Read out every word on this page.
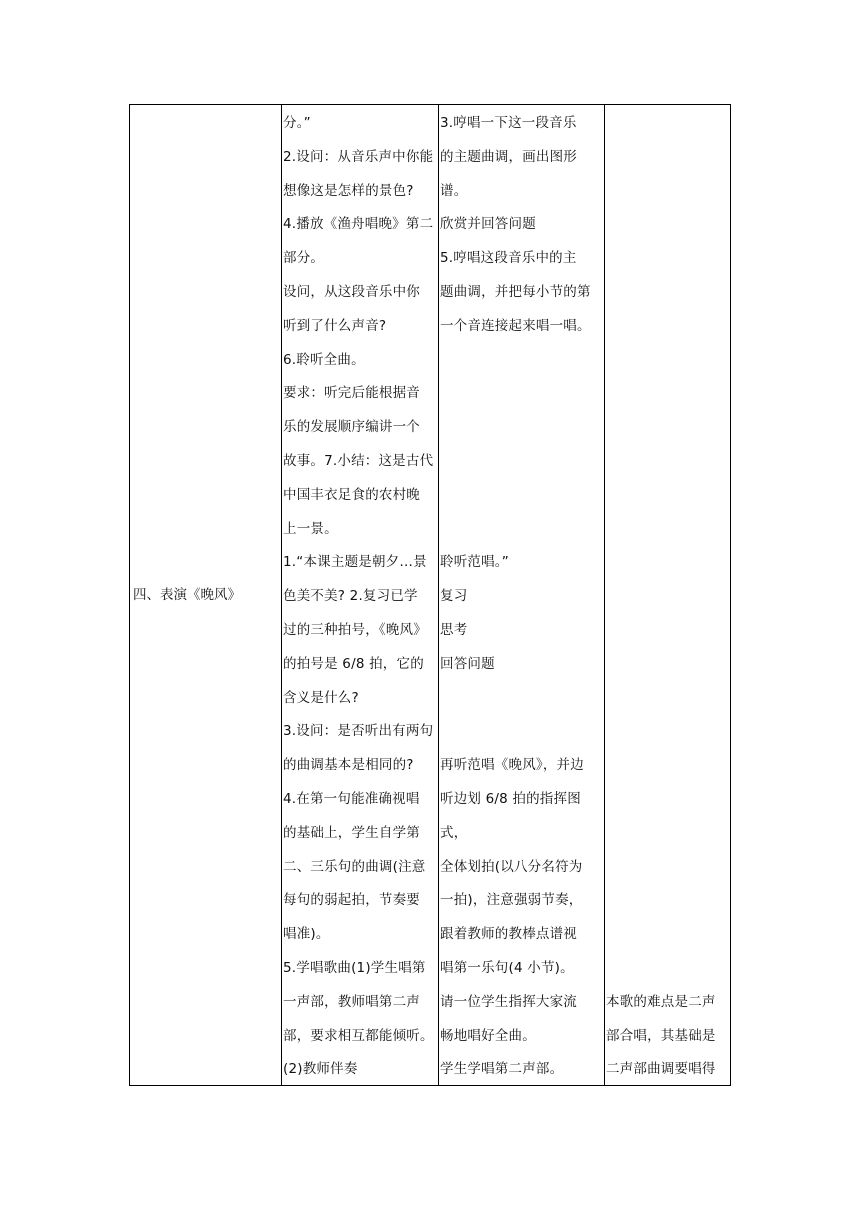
四、表演《晚风》
分。”
2.设问：从音乐声中你能
想像这是怎样的景色?
4.播放《渔舟唱晚》第二
部分。
设问，从这段音乐中你
听到了什么声音?
6.聆听全曲。
要求：听完后能根据音
乐的发展顺序编讲一个
故事。7.小结：这是古代
中国丰衣足食的农村晚
上一景。
1.“本课主题是朝夕…景
色美不美? 2.复习已学
过的三种拍号，《晚风》
的拍号是 6/8 拍，它的
含义是什么?
3.设问：是否听出有两句
的曲调基本是相同的?
4.在第一句能准确视唱
的基础上，学生自学第
二、三乐句的曲调(注意
每句的弱起拍，节奏要
唱准)。
5.学唱歌曲(1)学生唱第
一声部，教师唱第二声
部，要求相互都能倾听。
(2)教师伴奏
3.哼唱一下这一段音乐
的主题曲调，画出图形
谱。
欣赏并回答问题
5.哼唱这段音乐中的主
题曲调，并把每小节的第
一个音连接起来唱一唱。
聆听范唱。”
复习
思考
回答问题
再听范唱《晚风》，并边
听边划 6/8 拍的指挥图
式，
全体划拍(以八分名符为
一拍)，注意强弱节奏，
跟着教师的教棒点谱视
唱第一乐句(4 小节)。
请一位学生指挥大家流
畅地唱好全曲。
学生学唱第二声部。
本歌的难点是二声
部合唱，其基础是
二声部曲调要唱得
